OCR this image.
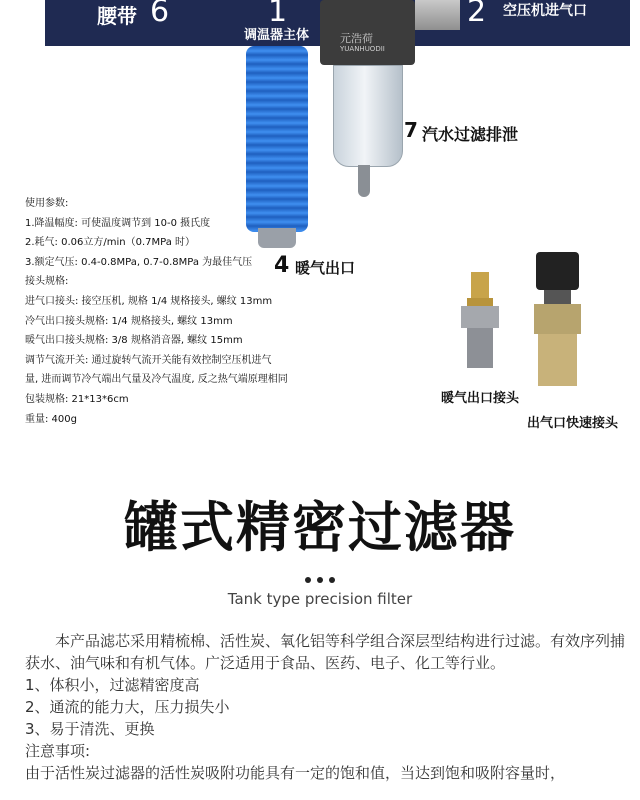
腰带 6	1
调温器主体	元浩荷
YUANHUODII
2 空压机进气口
7 汽水过滤排泄
4 暖气出口
使用参数:
1.降温幅度: 可使温度调节到 10-0 摄氏度
2.耗气: 0.06立方/min（0.7MPa 时）
3.额定气压: 0.4-0.8MPa, 0.7-0.8MPa 为最佳气压
接头规格:
进气口接头: 接空压机, 规格 1/4 规格接头, 螺纹 13mm
冷气出口接头规格: 1/4 规格接头, 螺纹 13mm
暖气出口接头规格: 3/8 规格消音器, 螺纹 15mm
调节气流开关: 通过旋转气流开关能有效控制空压机进气
量, 进而调节冷气端出气量及冷气温度, 反之热气端原理相同
包装规格: 21*13*6cm
重量: 400g
暖气出口接头
出气口快速接头
罐式精密过滤器
Tank type precision filter

本产品滤芯采用精梳棉、活性炭、氧化铝等科学组合深层型结构进行过滤。有效序列捕获水、油气味和有机气体。广泛适用于食品、医药、电子、化工等行业。

1、体积小，过滤精密度高

2、通流的能力大，压力损失小

3、易于清洗、更换

注意事项:

由于活性炭过滤器的活性炭吸附功能具有一定的饱和值，当达到饱和吸附容量时，
